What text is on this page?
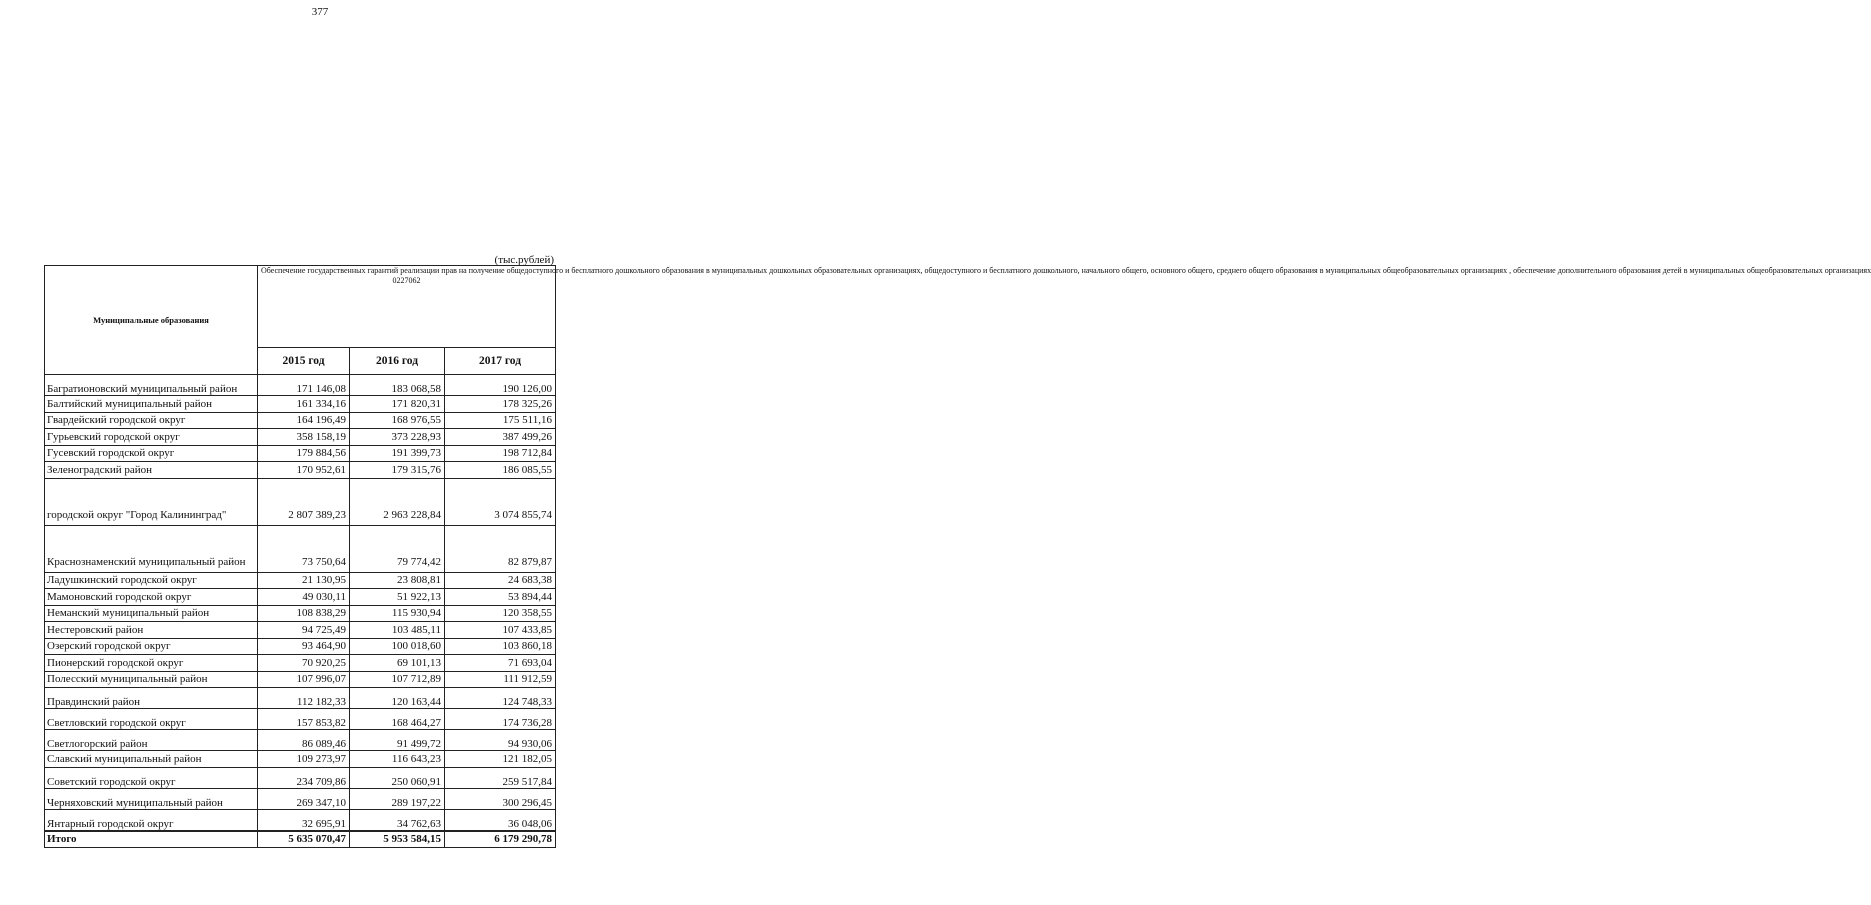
377
(тыс.рублей)
Муниципальные образования	Обеспечение государственных гарантий реализации прав на получение общедоступного и бесплатного дошкольного образования в муниципальных дошкольных образовательных организациях, общедоступного и бесплатного дошкольного, начального общего, основного общего, среднего общего образования в муниципальных общеобразовательных организациях , обеспечение дополнительного образования детей в муниципальных общеобразовательных организациях
0227062		

	2015 год	2016 год	2017 год
Багратионовский муниципальный район	171 146,08	183 068,58	190 126,00
Балтийский муниципальный район	161 334,16	171 820,31	178 325,26
Гвардейский городской округ	164 196,49	168 976,55	175 511,16
Гурьевский городской округ	358 158,19	373 228,93	387 499,26
Гусевский городской округ	179 884,56	191 399,73	198 712,84
Зеленоградский район	170 952,61	179 315,76	186 085,55
городской округ "Город Калининград"	2 807 389,23	2 963 228,84	3 074 855,74
Краснознаменский муниципальный район	73 750,64	79 774,42	82 879,87
Ладушкинский городской округ	21 130,95	23 808,81	24 683,38
Мамоновский городской округ	49 030,11	51 922,13	53 894,44
Неманский муниципальный район	108 838,29	115 930,94	120 358,55
Нестеровский район	94 725,49	103 485,11	107 433,85
Озерский городской округ	93 464,90	100 018,60	103 860,18
Пионерский городской округ	70 920,25	69 101,13	71 693,04
Полесский муниципальный район	107 996,07	107 712,89	111 912,59
Правдинский район	112 182,33	120 163,44	124 748,33
Светловский городской округ	157 853,82	168 464,27	174 736,28
Светлогорский район	86 089,46	91 499,72	94 930,06
Славский муниципальный район	109 273,97	116 643,23	121 182,05
Советский городской округ	234 709,86	250 060,91	259 517,84
Черняховский муниципальный район	269 347,10	289 197,22	300 296,45
Янтарный городской округ	32 695,91	34 762,63	36 048,06
Итого	5 635 070,47	5 953 584,15	6 179 290,78
